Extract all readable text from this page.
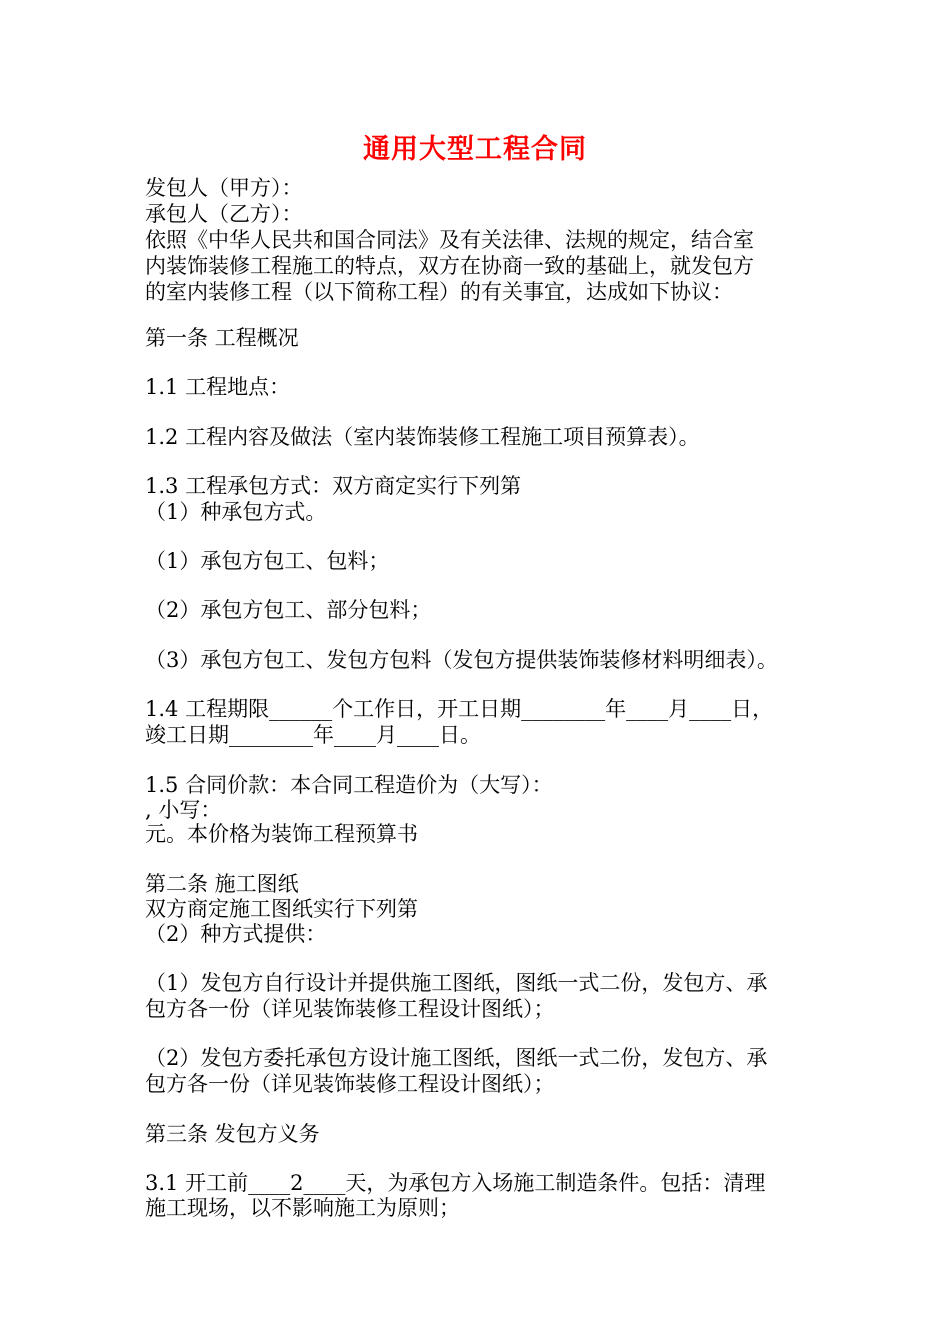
通用大型工程合同
发包人（甲方）：
承包人（乙方）：
依照《中华人民共和国合同法》及有关法律、法规的规定，结合室
内装饰装修工程施工的特点，双方在协商一致的基础上，就发包方
的室内装修工程（以下简称工程）的有关事宜，达成如下协议：
第一条 工程概况
1.1 工程地点：
1.2 工程内容及做法（室内装饰装修工程施工项目预算表）。
1.3 工程承包方式：双方商定实行下列第
（1）种承包方式。
（1）承包方包工、包料；
（2）承包方包工、部分包料；
（3）承包方包工、发包方包料（发包方提供装饰装修材料明细表）。
1.4 工程期限______个工作日，开工日期________年____月____日，
竣工日期________年____月____日。
1.5 合同价款：本合同工程造价为（大写）：
, 小写：
元。本价格为装饰工程预算书
第二条 施工图纸
双方商定施工图纸实行下列第
（2）种方式提供：
（1）发包方自行设计并提供施工图纸，图纸一式二份，发包方、承
包方各一份（详见装饰装修工程设计图纸）；
（2）发包方委托承包方设计施工图纸，图纸一式二份，发包方、承
包方各一份（详见装饰装修工程设计图纸）；
第三条 发包方义务
3.1 开工前____2____天，为承包方入场施工制造条件。包括：清理
施工现场，以不影响施工为原则；
